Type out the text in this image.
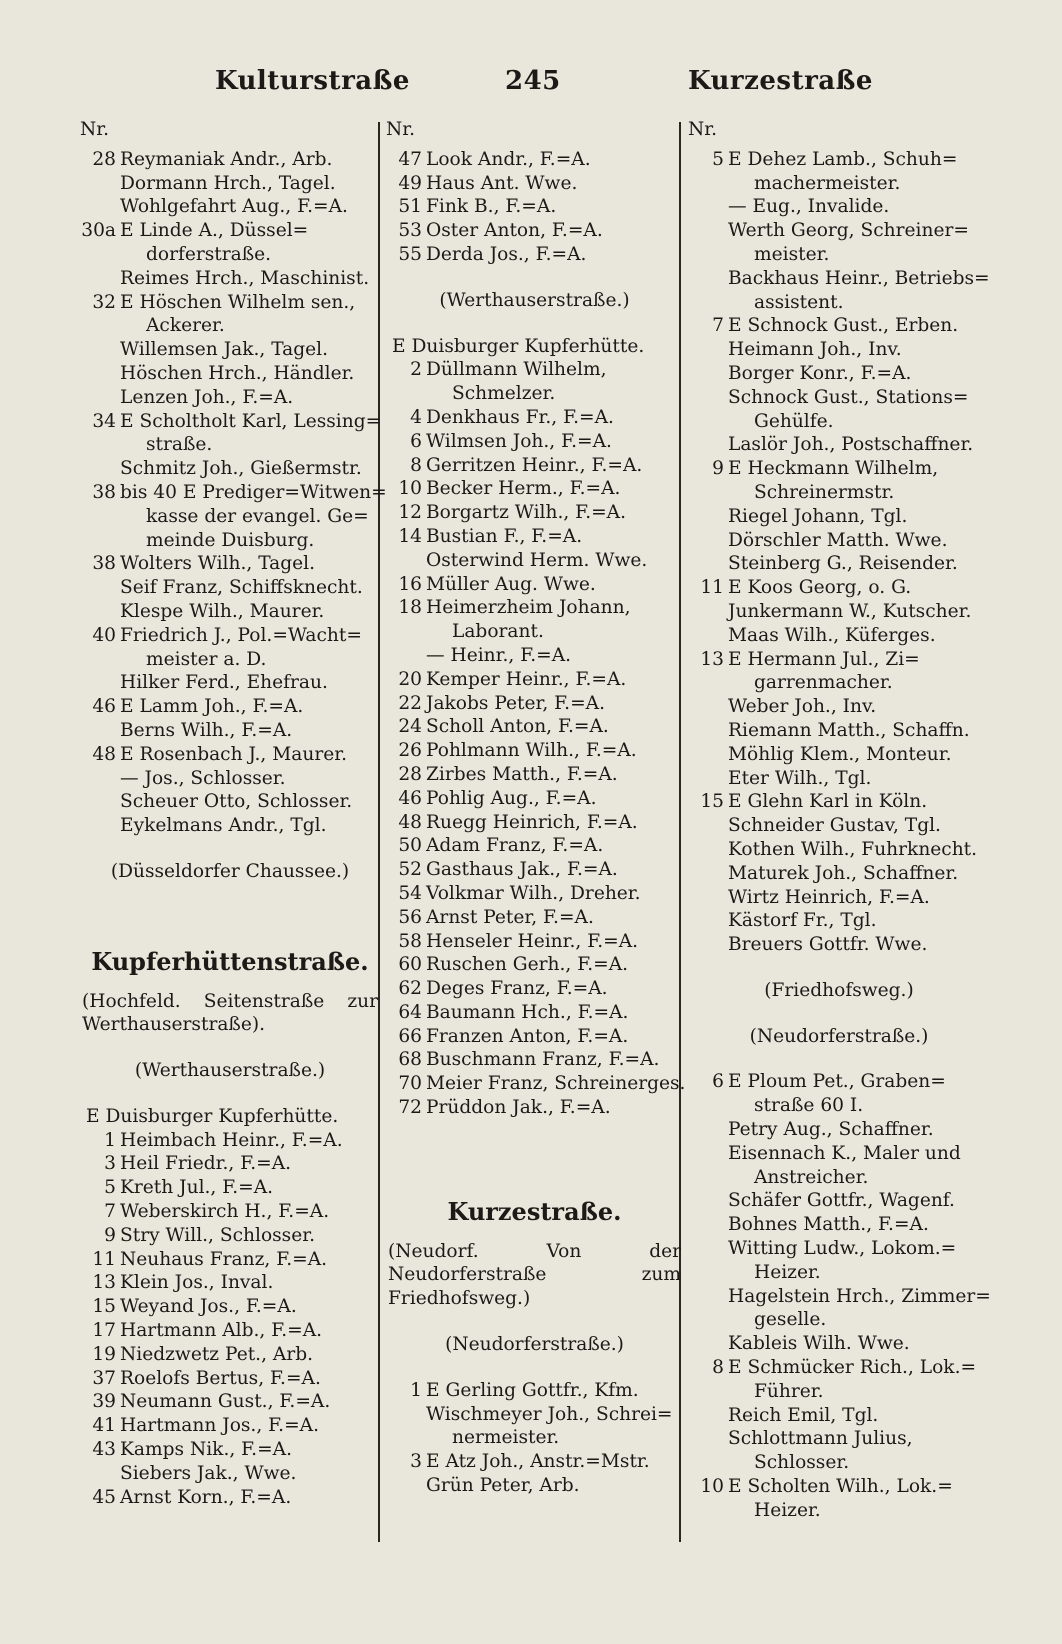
Kulturstraße	245	Kurzestraße
Nr.
28 Reymaniak Andr., Arb.
Dormann Hrch., Tagel.
Wohlgefahrt Aug., F.=A.
30a E Linde A., Düssel=
dorferstraße.
Reimes Hrch., Maschinist.
32 E Höschen Wilhelm sen.,
Ackerer.
Willemsen Jak., Tagel.
Höschen Hrch., Händler.
Lenzen Joh., F.=A.
34 E Scholtholt Karl, Lessing=
straße.
Schmitz Joh., Gießermstr.
38 bis 40 E Prediger=Witwen=
kasse der evangel. Ge=
meinde Duisburg.
38 Wolters Wilh., Tagel.
Seif Franz, Schiffsknecht.
Klespe Wilh., Maurer.
40 Friedrich J., Pol.=Wacht=
meister a. D.
Hilker Ferd., Ehefrau.
46 E Lamm Joh., F.=A.
Berns Wilh., F.=A.
48 E Rosenbach J., Maurer.
— Jos., Schlosser.
Scheuer Otto, Schlosser.
Eykelmans Andr., Tgl.
(Düsseldorfer Chaussee.)
Kupferhüttenstraße.
(Hochfeld. Seitenstraße zur Werthauserstraße).
(Werthauserstraße.)
E Duisburger Kupferhütte.
1 Heimbach Heinr., F.=A.
3 Heil Friedr., F.=A.
5 Kreth Jul., F.=A.
7 Weberskirch H., F.=A.
9 Stry Will., Schlosser.
11 Neuhaus Franz, F.=A.
13 Klein Jos., Inval.
15 Weyand Jos., F.=A.
17 Hartmann Alb., F.=A.
19 Niedzwetz Pet., Arb.
37 Roelofs Bertus, F.=A.
39 Neumann Gust., F.=A.
41 Hartmann Jos., F.=A.
43 Kamps Nik., F.=A.
Siebers Jak., Wwe.
45 Arnst Korn., F.=A.
Nr.
47 Look Andr., F.=A.
49 Haus Ant. Wwe.
51 Fink B., F.=A.
53 Oster Anton, F.=A.
55 Derda Jos., F.=A.
(Werthauserstraße.)
E Duisburger Kupferhütte.
2 Düllmann Wilhelm,
Schmelzer.
4 Denkhaus Fr., F.=A.
6 Wilmsen Joh., F.=A.
8 Gerritzen Heinr., F.=A.
10 Becker Herm., F.=A.
12 Borgartz Wilh., F.=A.
14 Bustian F., F.=A.
Osterwind Herm. Wwe.
16 Müller Aug. Wwe.
18 Heimerzheim Johann,
Laborant.
— Heinr., F.=A.
20 Kemper Heinr., F.=A.
22 Jakobs Peter, F.=A.
24 Scholl Anton, F.=A.
26 Pohlmann Wilh., F.=A.
28 Zirbes Matth., F.=A.
46 Pohlig Aug., F.=A.
48 Ruegg Heinrich, F.=A.
50 Adam Franz, F.=A.
52 Gasthaus Jak., F.=A.
54 Volkmar Wilh., Dreher.
56 Arnst Peter, F.=A.
58 Henseler Heinr., F.=A.
60 Ruschen Gerh., F.=A.
62 Deges Franz, F.=A.
64 Baumann Hch., F.=A.
66 Franzen Anton, F.=A.
68 Buschmann Franz, F.=A.
70 Meier Franz, Schreinerges.
72 Prüddon Jak., F.=A.
Kurzestraße.
(Neudorf. Von der Neudorferstraße zum Friedhofsweg.)
(Neudorferstraße.)
1 E Gerling Gottfr., Kfm.
Wischmeyer Joh., Schrei=
nermeister.
3 E Atz Joh., Anstr.=Mstr.
Grün Peter, Arb.
Nr.
5 E Dehez Lamb., Schuh=
machermeister.
— Eug., Invalide.
Werth Georg, Schreiner=
meister.
Backhaus Heinr., Betriebs=
assistent.
7 E Schnock Gust., Erben.
Heimann Joh., Inv.
Borger Konr., F.=A.
Schnock Gust., Stations=
Gehülfe.
Laslör Joh., Postschaffner.
9 E Heckmann Wilhelm,
Schreinermstr.
Riegel Johann, Tgl.
Dörschler Matth. Wwe.
Steinberg G., Reisender.
11 E Koos Georg, o. G.
Junkermann W., Kutscher.
Maas Wilh., Küferges.
13 E Hermann Jul., Zi=
garrenmacher.
Weber Joh., Inv.
Riemann Matth., Schaffn.
Möhlig Klem., Monteur.
Eter Wilh., Tgl.
15 E Glehn Karl in Köln.
Schneider Gustav, Tgl.
Kothen Wilh., Fuhrknecht.
Maturek Joh., Schaffner.
Wirtz Heinrich, F.=A.
Kästorf Fr., Tgl.
Breuers Gottfr. Wwe.
(Friedhofsweg.)
(Neudorferstraße.)
6 E Ploum Pet., Graben=
straße 60 I.
Petry Aug., Schaffner.
Eisennach K., Maler und
Anstreicher.
Schäfer Gottfr., Wagenf.
Bohnes Matth., F.=A.
Witting Ludw., Lokom.=
Heizer.
Hagelstein Hrch., Zimmer=
geselle.
Kableis Wilh. Wwe.
8 E Schmücker Rich., Lok.=
Führer.
Reich Emil, Tgl.
Schlottmann Julius,
Schlosser.
10 E Scholten Wilh., Lok.=
Heizer.
